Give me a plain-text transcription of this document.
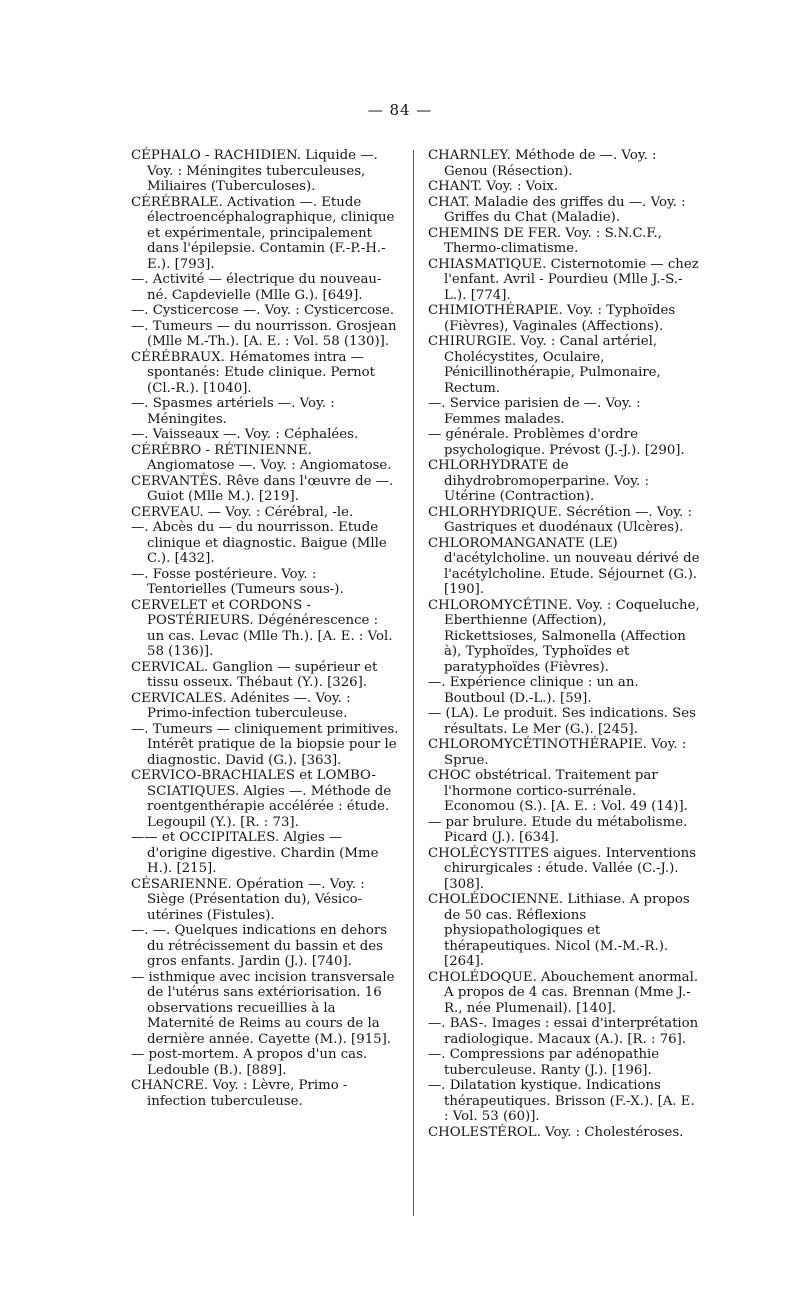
— 84 —

CÉPHALO - RACHIDIEN. Liquide —. Voy. : Méningites tuberculeuses, Miliaires (Tuberculoses).

CÉRÉBRALE. Activation —. Etude électroencéphalographique, clinique et expérimentale, principalement dans l'épilepsie. Contamin (F.-P.-H.-E.). [793].

—. Activité — électrique du nouveau-né. Capdevielle (Mlle G.). [649].

—. Cysticercose —. Voy. : Cysticercose.

—. Tumeurs — du nourrisson. Grosjean (Mlle M.-Th.). [A. E. : Vol. 58 (130)].

CÉRÉBRAUX. Hématomes intra — spontanés: Etude clinique. Pernot (Cl.-R.). [1040].

—. Spasmes artériels —. Voy. : Méningites.

—. Vaisseaux —. Voy. : Céphalées.

CÉRÉBRO - RÉTINIENNE. Angiomatose —. Voy. : Angiomatose.

CERVANTÈS. Rêve dans l'œuvre de —. Guiot (Mlle M.). [219].

CERVEAU. — Voy. : Cérébral, -le.

—. Abcès du — du nourrisson. Etude clinique et diagnostic. Baigue (Mlle C.). [432].

—. Fosse postérieure. Voy. : Tentorielles (Tumeurs sous-).

CERVELET et CORDONS - POSTÉRIEURS. Dégénérescence : un cas. Levac (Mlle Th.). [A. E. : Vol. 58 (136)].

CERVICAL. Ganglion — supérieur et tissu osseux. Thébaut (Y.). [326].

CERVICALES. Adénites —. Voy. : Primo-infection tuberculeuse.

—. Tumeurs — cliniquement primitives. Intérêt pratique de la biopsie pour le diagnostic. David (G.). [363].

CERVICO-BRACHIALES et LOMBO-SCIATIQUES. Algies —. Méthode de roentgenthérapie accélérée : étude. Legoupil (Y.). [R. : 73].

—— et OCCIPITALES. Algies — d'origine digestive. Chardin (Mme H.). [215].

CÉSARIENNE. Opération —. Voy. : Siège (Présentation du), Vésico-utérines (Fistules).

—. —. Quelques indications en dehors du rétrécissement du bassin et des gros enfants. Jardin (J.). [740].

— isthmique avec incision transversale de l'utérus sans extériorisation. 16 observations recueillies à la Maternité de Reims au cours de la dernière année. Cayette (M.). [915].

— post-mortem. A propos d'un cas. Ledouble (B.). [889].

CHANCRE. Voy. : Lèvre, Primo - infection tuberculeuse.

CHARNLEY. Méthode de —. Voy. : Genou (Résection).

CHANT. Voy. : Voix.

CHAT. Maladie des griffes du —. Voy. : Griffes du Chat (Maladie).

CHEMINS DE FER. Voy. : S.N.C.F., Thermo-climatisme.

CHIASMATIQUE. Cisternotomie — chez l'enfant. Avril - Pourdieu (Mlle J.-S.-L.). [774].

CHIMIOTHÉRAPIE. Voy. : Typhoïdes (Fièvres), Vaginales (Affections).

CHIRURGIE. Voy. : Canal artériel, Cholécystites, Oculaire, Pénicillinothérapie, Pulmonaire, Rectum.

—. Service parisien de —. Voy. : Femmes malades.

— générale. Problèmes d'ordre psychologique. Prévost (J.-J.). [290].

CHLORHYDRATE de dihydrobromoperparine. Voy. : Utérine (Contraction).

CHLORHYDRIQUE. Sécrétion —. Voy. : Gastriques et duodénaux (Ulcères).

CHLOROMANGANATE (LE) d'acétylcholine. un nouveau dérivé de l'acétylcholine. Etude. Séjournet (G.). [190].

CHLOROMYCÉTINE. Voy. : Coqueluche, Eberthienne (Affection), Rickettsioses, Salmonella (Affection à), Typhoïdes, Typhoïdes et paratyphoïdes (Fièvres).

—. Expérience clinique : un an. Boutboul (D.-L.). [59].

— (LA). Le produit. Ses indications. Ses résultats. Le Mer (G.). [245].

CHLOROMYCÉTINOTHÉRAPIE. Voy. : Sprue.

CHOC obstétrical. Traitement par l'hormone cortico-surrénale. Economou (S.). [A. E. : Vol. 49 (14)].

— par brulure. Etude du métabolisme. Picard (J.). [634].

CHOLÉCYSTITES aigues. Interventions chirurgicales : étude. Vallée (C.-J.). [308].

CHOLÉDOCIENNE. Lithiase. A propos de 50 cas. Réflexions physiopathologiques et thérapeutiques. Nicol (M.-M.-R.). [264].

CHOLÉDOQUE. Abouchement anormal. A propos de 4 cas. Brennan (Mme J.-R., née Plumenail). [140].

—. BAS-. Images : essai d'interprétation radiologique. Macaux (A.). [R. : 76].

—. Compressions par adénopathie tuberculeuse. Ranty (J.). [196].

—. Dilatation kystique. Indications thérapeutiques. Brisson (F.-X.). [A. E. : Vol. 53 (60)].

CHOLESTÉROL. Voy. : Cholestéroses.
